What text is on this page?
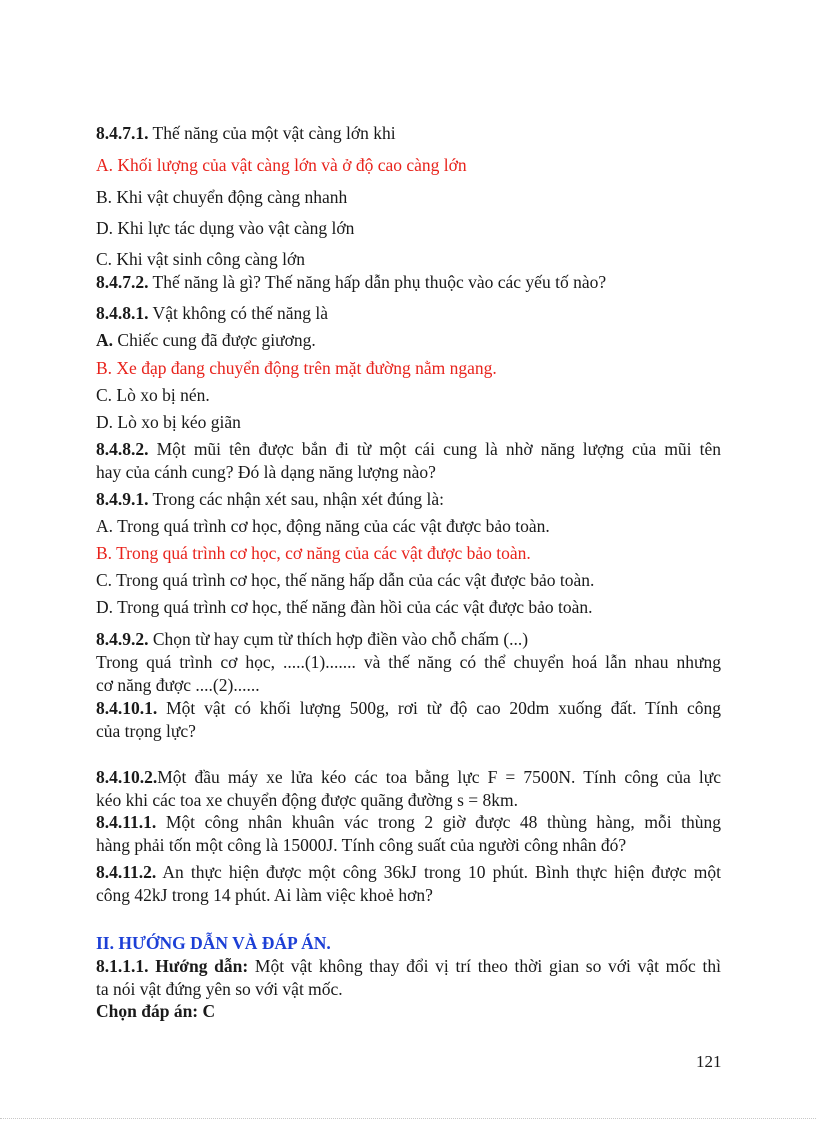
8.4.7.1. Thế năng của một vật càng lớn khi
A. Khối lượng của vật càng lớn và ở độ cao càng lớn
B. Khi vật chuyển động càng nhanh
D. Khi lực tác dụng vào vật càng lớn
C. Khi vật sinh công càng lớn
8.4.7.2. Thế năng là gì? Thế năng hấp dẫn phụ thuộc vào các yếu tố nào?
8.4.8.1. Vật không có thế năng là
A. Chiếc cung đã được giương.
B. Xe đạp đang chuyển động trên mặt đường nằm ngang.
C. Lò xo bị nén.
D. Lò xo bị kéo giãn
8.4.8.2. Một mũi tên được bắn đi từ một cái cung là nhờ năng lượng của mũi tên
hay của cánh cung? Đó là dạng năng lượng nào?
8.4.9.1. Trong các nhận xét sau, nhận xét đúng là:
A. Trong quá trình cơ học, động năng của các vật được bảo toàn.
B. Trong quá trình cơ học, cơ năng của các vật được bảo toàn.
C. Trong quá trình cơ học, thế năng hấp dẫn của các vật được bảo toàn.
D. Trong quá trình cơ học, thế năng đàn hồi của các vật được bảo toàn.
8.4.9.2. Chọn từ hay cụm từ thích hợp điền vào chỗ chấm (...)
Trong quá trình cơ học, .....(1)....... và thế năng có thể chuyển hoá lẫn nhau nhưng
cơ năng được ....(2)......
8.4.10.1. Một vật có khối lượng 500g, rơi từ độ cao 20dm xuống đất. Tính công
của trọng lực?
8.4.10.2.Một đầu máy xe lửa kéo các toa bằng lực F = 7500N. Tính công của lực
kéo khi các toa xe chuyển động được quãng đường s = 8km.
8.4.11.1. Một công nhân khuân vác trong 2 giờ được 48 thùng hàng, mỗi thùng
hàng phải tốn một công là 15000J. Tính công suất của người công nhân đó?
8.4.11.2. An thực hiện được một công 36kJ trong 10 phút. Bình thực hiện được một
công 42kJ trong 14 phút. Ai làm việc khoẻ hơn?
II. HƯỚNG DẪN VÀ ĐÁP ÁN.
8.1.1.1. Hướng dẫn: Một vật không thay đổi vị trí theo thời gian so với vật mốc thì
ta nói vật đứng yên so với vật mốc.
Chọn đáp án: C
121
